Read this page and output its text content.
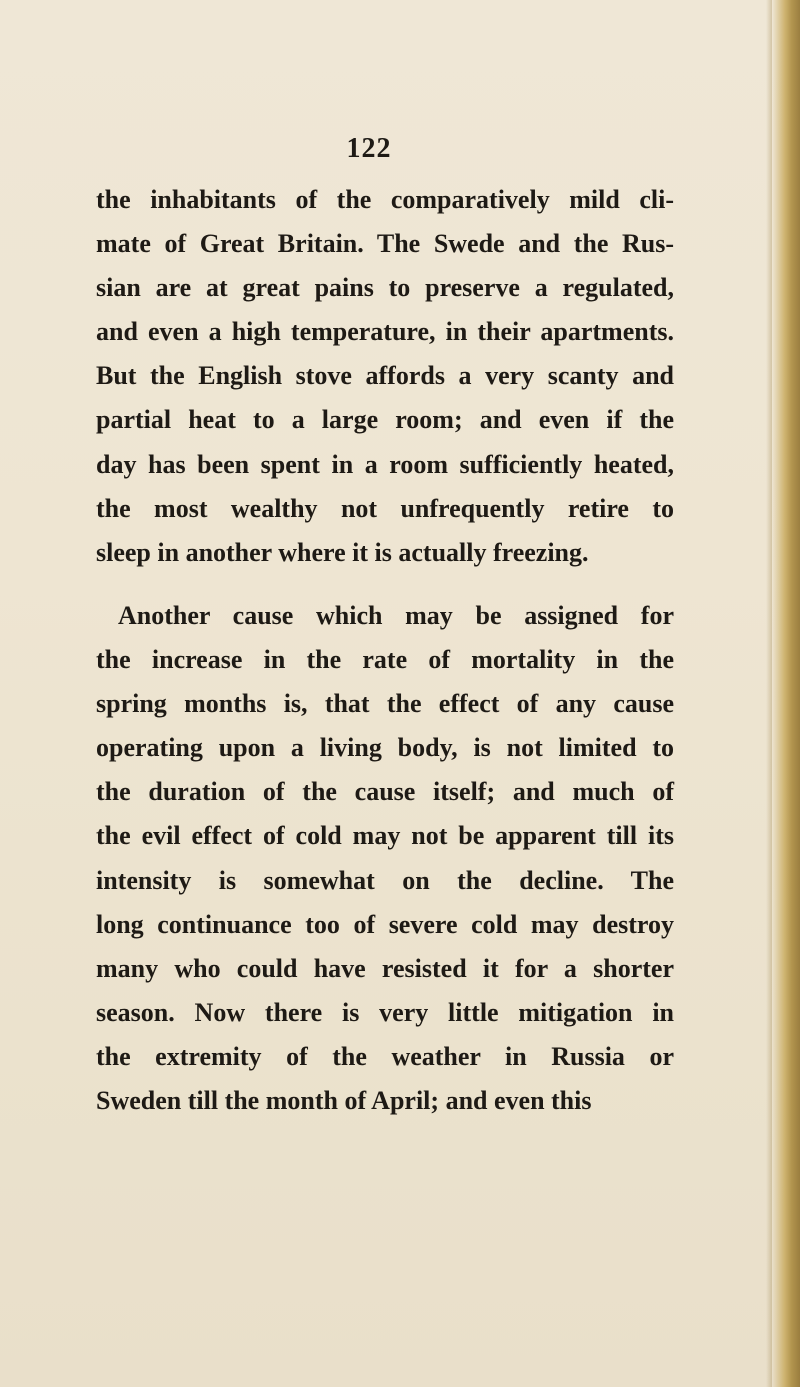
122
the inhabitants of the comparatively mild cli-
mate of Great Britain. The Swede and the Rus-
sian are at great pains to preserve a regulated,
and even a high temperature, in their apartments.
But the English stove affords a very scanty and
partial heat to a large room; and even if the
day has been spent in a room sufficiently heated,
the most wealthy not unfrequently retire to
sleep in another where it is actually freezing.
Another cause which may be assigned for
the increase in the rate of mortality in the
spring months is, that the effect of any cause
operating upon a living body, is not limited to
the duration of the cause itself; and much of
the evil effect of cold may not be apparent till its
intensity is somewhat on the decline. The
long continuance too of severe cold may destroy
many who could have resisted it for a shorter
season. Now there is very little mitigation in
the extremity of the weather in Russia or
Sweden till the month of April; and even this
